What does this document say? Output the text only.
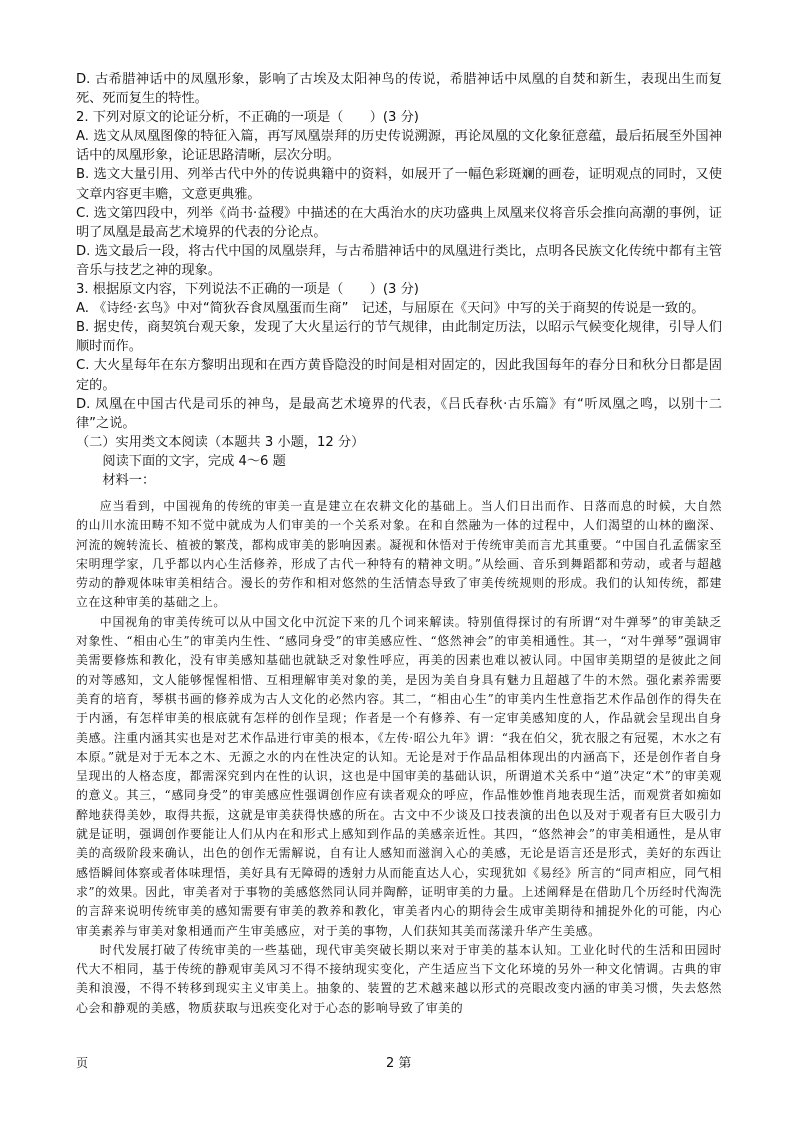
D. 古希腊神话中的凤凰形象，影响了古埃及太阳神鸟的传说，希腊神话中凤凰的自焚和新生，表现出生而复死、死而复生的特性。

2. 下列对原文的论证分析，不正确的一项是（　　）(3 分)

A. 选文从凤凰图像的特征入篇，再写凤凰崇拜的历史传说溯源，再论凤凰的文化象征意蕴，最后拓展至外国神话中的凤凰形象，论证思路清晰，层次分明。

B. 选文大量引用、列举古代中外的传说典籍中的资料，如展开了一幅色彩斑斓的画卷，证明观点的同时，又使文章内容更丰赡，文意更典雅。

C. 选文第四段中，列举《尚书·益稷》中描述的在大禹治水的庆功盛典上凤凰来仪将音乐会推向高潮的事例，证明了凤凰是最高艺术境界的代表的分论点。

D. 选文最后一段，将古代中国的凤凰崇拜，与古希腊神话中的凤凰进行类比，点明各民族文化传统中都有主管音乐与技艺之神的现象。

3. 根据原文内容，下列说法不正确的一项是（　　）(3 分)

A. 《诗经·玄鸟》中对“简狄吞食凤凰蛋而生商”　记述，与屈原在《天问》中写的关于商契的传说是一致的。

B. 据史传，商契筑台观天象，发现了大火星运行的节气规律，由此制定历法，以昭示气候变化规律，引导人们顺时而作。

C. 大火星每年在东方黎明出现和在西方黄昏隐没的时间是相对固定的，因此我国每年的春分日和秋分日都是固定的。

D. 凤凰在中国古代是司乐的神鸟，是最高艺术境界的代表，《吕氏春秋·古乐篇》有“听凤凰之鸣，以别十二律”之说。

（二）实用类文本阅读（本题共 3 小题，12 分）

阅读下面的文字，完成 4～6 题

材料一：

应当看到，中国视角的传统的审美一直是建立在农耕文化的基础上。当人们日出而作、日落而息的时候，大自然的山川水流田畴不知不觉中就成为人们审美的一个关系对象。在和自然融为一体的过程中，人们渴望的山林的幽深、河流的婉转流长、植被的繁茂，都构成审美的影响因素。凝视和休悟对于传统审美而言尤其重要。“中国自孔孟儒家至宋明理学家，几乎都以内心生活修养，形成了古代一种特有的精神文明。”从绘画、音乐到舞蹈都和劳动，或者与超越劳动的静观体味审美相结合。漫长的劳作和相对悠然的生活情态导致了审美传统规则的形成。我们的认知传统，都建立在这种审美的基础之上。

中国视角的审美传统可以从中国文化中沉淀下来的几个词来解读。特别值得探讨的有所谓“对牛弹琴”的审美缺乏对象性、“相由心生”的审美内生性、“感同身受”的审美感应性、“悠然神会”的审美相通性。其一，“对牛弹琴”强调审美需要修炼和教化，没有审美感知基础也就缺乏对象性呼应，再美的因素也难以被认同。中国审美期望的是彼此之间的对等感知，文人能够惺惺相惜、互相理解审美对象的美，是因为美自身具有魅力且超越了牛的木然。强化素养需要美育的培育，琴棋书画的修养成为古人文化的必然内容。其二，“相由心生”的审美内生性意指艺术作品创作的得失在于内涵，有怎样审美的根底就有怎样的创作呈现；作者是一个有修养、有一定审美感知度的人，作品就会呈现出自身美感。注重内涵其实也是对艺术作品进行审美的根本，《左传·昭公九年》谓：“我在伯父，犹衣服之有冠冕，木水之有本原。”就是对于无本之木、无源之水的内在性决定的认知。无论是对于作品品相体现出的内涵高下，还是创作者自身呈现出的人格态度，都需深究到内在性的认识，这也是中国审美的基础认识，所谓道术关系中“道”决定“术”的审美观的意义。其三，“感同身受”的审美感应性强调创作应有读者观众的呼应，作品惟妙惟肖地表现生活，而观赏者如痴如醉地获得美妙，取得共振，这就是审美获得快感的所在。古文中不少谈及口技表演的出色以及对于观者有巨大吸引力就是证明，强调创作要能让人们从内在和形式上感知到作品的美感亲近性。其四，“悠然神会”的审美相通性，是从审美的高级阶段来确认，出色的创作无需解说，自有让人感知而滋润入心的美感，无论是语言还是形式，美好的东西让感悟瞬间体察或者体味理悟，美好具有无障碍的透射力从而能直达人心，实现犹如《易经》所言的“同声相应，同气相求”的效果。因此，审美者对于事物的美感悠然同认同并陶醉，证明审美的力量。上述阐释是在借助几个历经时代淘洗的言辞来说明传统审美的感知需要有审美的教养和教化，审美者内心的期待会生成审美期待和捕捉外化的可能，内心审美素养与审美对象相通而产生审美感应，对于美的事物，人们获知其美而荡漾升华产生美感。

时代发展打破了传统审美的一些基础，现代审美突破长期以来对于审美的基本认知。工业化时代的生活和田园时代大不相同，基于传统的静观审美风习不得不接纳现实变化，产生适应当下文化环境的另外一种文化情调。古典的审美和浪漫，不得不转移到现实主义审美上。抽象的、装置的艺术越来越以形式的亮眼改变内涵的审美习惯，失去悠然心会和静观的美感，物质获取与迅疾变化对于心态的影响导致了审美的

页	2 第
